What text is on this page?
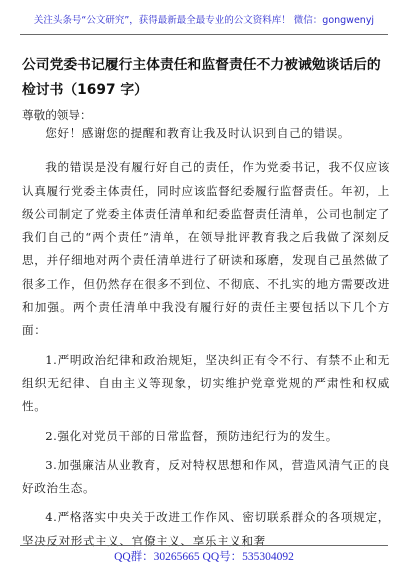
关注头条号“公文研究”，获得最新最全最专业的公文资料库！ 微信：gongwenyj
公司党委书记履行主体责任和监督责任不力被诫勉谈话后的检讨书（1697 字）

尊敬的领导：

您好！感谢您的提醒和教育让我及时认识到自己的错误。

我的错误是没有履行好自己的责任，作为党委书记，我不仅应该认真履行党委主体责任，同时应该监督纪委履行监督责任。年初，上级公司制定了党委主体责任清单和纪委监督责任清单，公司也制定了我们自己的“两个责任”清单，在领导批评教育我之后我做了深刻反思，并仔细地对两个责任清单进行了研读和琢磨，发现自己虽然做了很多工作，但仍然存在很多不到位、不彻底、不扎实的地方需要改进和加强。两个责任清单中我没有履行好的责任主要包括以下几个方面：

1.严明政治纪律和政治规矩，坚决纠正有令不行、有禁不止和无组织无纪律、自由主义等现象，切实维护党章党规的严肃性和权威性。

2.强化对党员干部的日常监督，预防违纪行为的发生。

3.加强廉洁从业教育，反对特权思想和作风，营造风清气正的良好政治生态。

4.严格落实中央关于改进工作作风、密切联系群众的各项规定，坚决反对形式主义、官僚主义、享乐主义和奢

QQ群：30265665 QQ号：535304092
